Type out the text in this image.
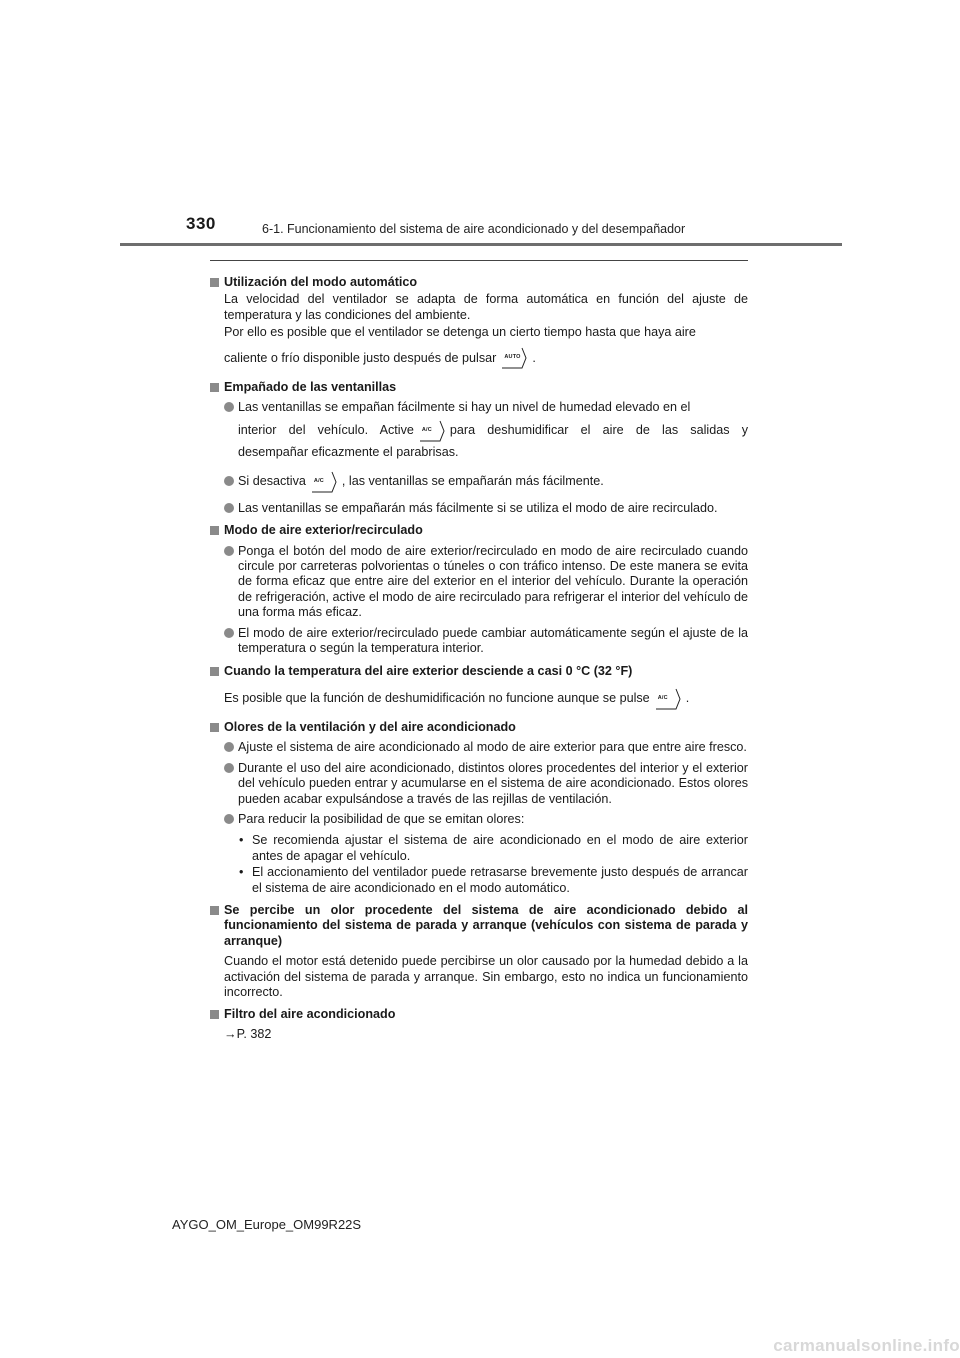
330	6-1. Funcionamiento del sistema de aire acondicionado y del desempañador
Utilización del modo automático
La velocidad del ventilador se adapta de forma automática en función del ajuste de temperatura y las condiciones del ambiente.
Por ello es posible que el ventilador se detenga un cierto tiempo hasta que haya aire
caliente o frío disponible justo después de pulsar AUTO .
Empañado de las ventanillas
Las ventanillas se empañan fácilmente si hay un nivel de humedad elevado en el
interior del vehículo. Active A/C para deshumidificar el aire de las salidas y
desempañar eficazmente el parabrisas.
Si desactiva A/C , las ventanillas se empañarán más fácilmente.
Las ventanillas se empañarán más fácilmente si se utiliza el modo de aire recirculado.
Modo de aire exterior/recirculado
Ponga el botón del modo de aire exterior/recirculado en modo de aire recirculado cuando circule por carreteras polvorientas o túneles o con tráfico intenso. De este manera se evita de forma eficaz que entre aire del exterior en el interior del vehículo. Durante la operación de refrigeración, active el modo de aire recirculado para refrigerar el interior del vehículo de una forma más eficaz.
El modo de aire exterior/recirculado puede cambiar automáticamente según el ajuste de la temperatura o según la temperatura interior.
Cuando la temperatura del aire exterior desciende a casi 0 °C (32 °F)
Es posible que la función de deshumidificación no funcione aunque se pulse A/C .
Olores de la ventilación y del aire acondicionado
Ajuste el sistema de aire acondicionado al modo de aire exterior para que entre aire fresco.
Durante el uso del aire acondicionado, distintos olores procedentes del interior y el exterior del vehículo pueden entrar y acumularse en el sistema de aire acondicionado. Estos olores pueden acabar expulsándose a través de las rejillas de ventilación.
Para reducir la posibilidad de que se emitan olores:
• Se recomienda ajustar el sistema de aire acondicionado en el modo de aire exterior antes de apagar el vehículo.
• El accionamiento del ventilador puede retrasarse brevemente justo después de arrancar el sistema de aire acondicionado en el modo automático.
Se percibe un olor procedente del sistema de aire acondicionado debido al funcionamiento del sistema de parada y arranque (vehículos con sistema de parada y arranque)
Cuando el motor está detenido puede percibirse un olor causado por la humedad debido a la activación del sistema de parada y arranque. Sin embargo, esto no indica un funcionamiento incorrecto.
Filtro del aire acondicionado
→P. 382
AYGO_OM_Europe_OM99R22S
carmanualsonline.info
